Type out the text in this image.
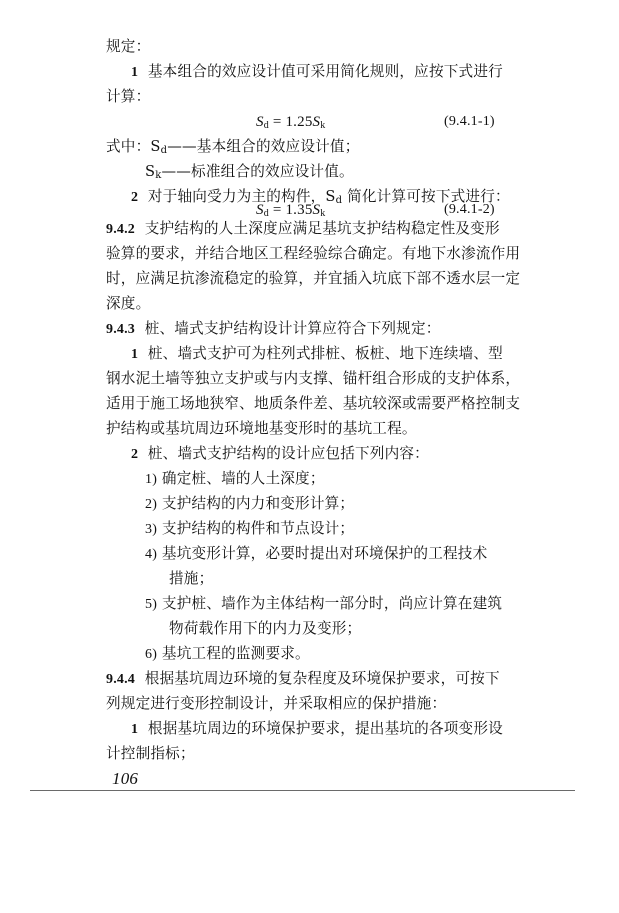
规定：
1 基本组合的效应设计值可采用简化规则，应按下式进行
计算：
$S_d = 1.25S_k$	(9.4.1-1)
式中：$S_d——$基本组合的效应设计值；
$S_k——$标准组合的效应设计值。
2 对于轴向受力为主的构件，$S_d$ 简化计算可按下式进行：
$S_d = 1.35S_k$	(9.4.1-2)
9.4.2 支护结构的人土深度应满足基坑支护结构稳定性及变形
验算的要求，并结合地区工程经验综合确定。有地下水渗流作用
时，应满足抗渗流稳定的验算，并宜插入坑底下部不透水层一定
深度。
9.4.3 桩、墙式支护结构设计计算应符合下列规定：
1 桩、墙式支护可为柱列式排桩、板桩、地下连续墙、型
钢水泥土墙等独立支护或与内支撑、锚杆组合形成的支护体系，
适用于施工场地狭窄、地质条件差、基坑较深或需要严格控制支
护结构或基坑周边环境地基变形时的基坑工程。
2 桩、墙式支护结构的设计应包括下列内容：
1) 确定桩、墙的人土深度；
2) 支护结构的内力和变形计算；
3) 支护结构的构件和节点设计；
4) 基坑变形计算，必要时提出对环境保护的工程技术
措施；
5) 支护桩、墙作为主体结构一部分时，尚应计算在建筑
物荷载作用下的内力及变形；
6) 基坑工程的监测要求。
9.4.4 根据基坑周边环境的复杂程度及环境保护要求，可按下
列规定进行变形控制设计，并采取相应的保护措施：
1 根据基坑周边的环境保护要求，提出基坑的各项变形设
计控制指标；
106
